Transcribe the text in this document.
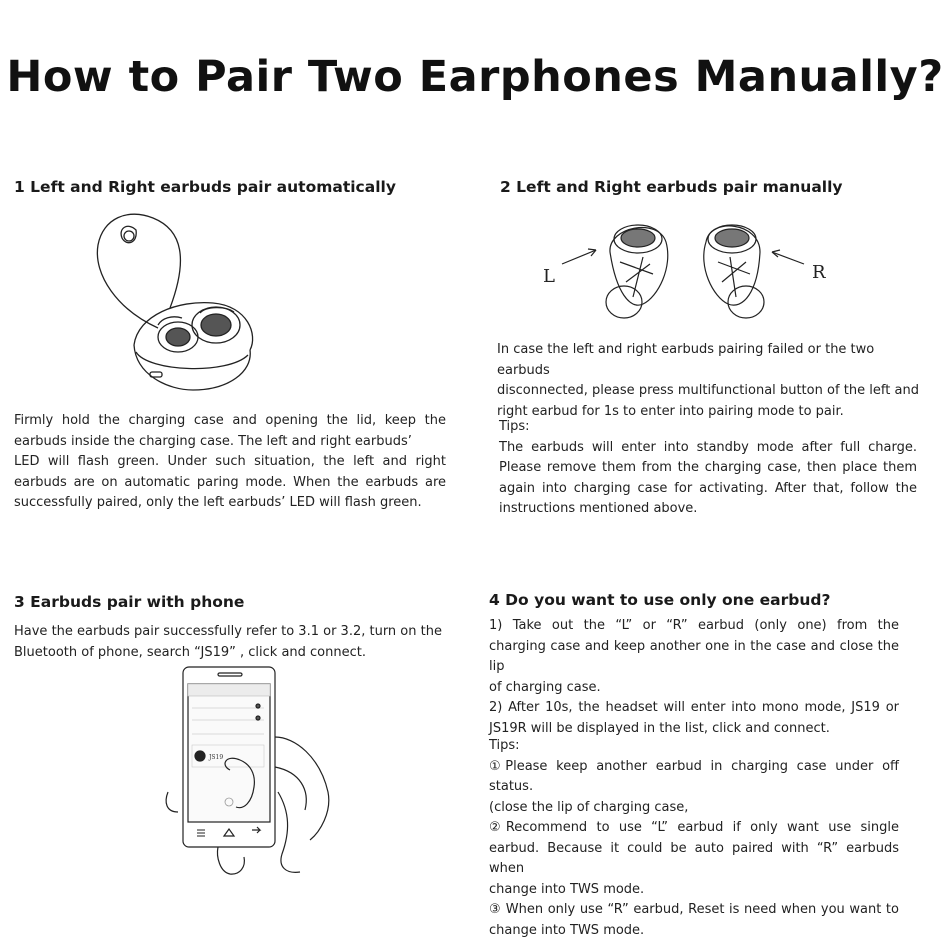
How to Pair Two Earphones Manually?
1 Left and Right earbuds pair automatically
Firmly hold the charging case and opening the lid, keep the
earbuds inside the charging case. The left and right earbuds’
LED will flash green. Under such situation, the left and right
earbuds are on automatic paring mode. When the earbuds are
successfully paired, only the left earbuds’ LED will flash green.
2 Left and Right earbuds pair manually
L	R
In case the left and right earbuds pairing failed or the two earbuds
disconnected, please press multifunctional button of the left and
right earbud for 1s to enter into pairing mode to pair.
Tips:
The earbuds will enter into standby mode after full charge.
Please remove them from the charging case, then place them
again into charging case for activating. After that, follow the
instructions mentioned above.
3 Earbuds pair with phone
Have the earbuds pair successfully refer to 3.1 or 3.2, turn on the
Bluetooth of phone, search “JS19” , click and connect.
JS19
4 Do you want to use only one earbud?
1) Take out the “L” or “R” earbud (only one) from the
charging case and keep another one in the case and close the lip
of charging case.
2) After 10s, the headset will enter into mono mode, JS19 or
JS19R will be displayed in the list, click and connect.
Tips:
①Please keep another earbud in charging case under off status.
(close the lip of charging case,
②Recommend to use “L” earbud if only want use single
earbud. Because it could be auto paired with “R” earbuds when
change into TWS mode.
③ When only use “R” earbud, Reset is need when you want to
change into TWS mode.
